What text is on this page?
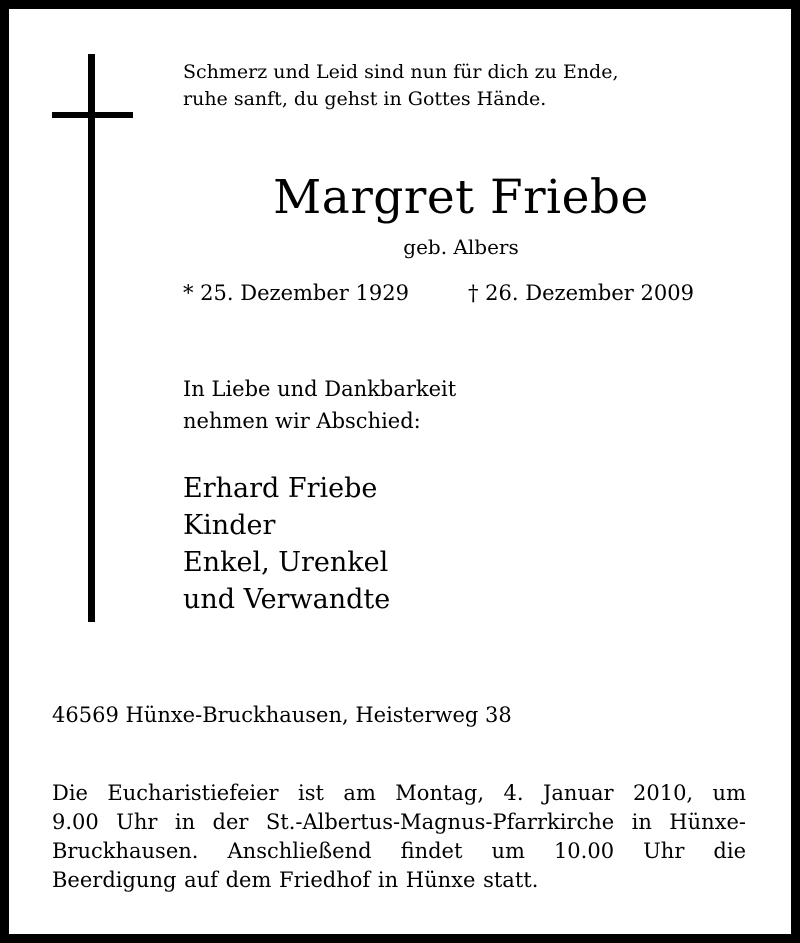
Schmerz und Leid sind nun für dich zu Ende,
ruhe sanft, du gehst in Gottes Hände.
Margret Friebe
geb. Albers
* 25. Dezember 1929	† 26. Dezember 2009
In Liebe und Dankbarkeit
nehmen wir Abschied:
Erhard Friebe
Kinder
Enkel, Urenkel
und Verwandte
46569 Hünxe-Bruckhausen, Heisterweg 38
Die Eucharistiefeier ist am Montag, 4. Januar 2010, um
9.00 Uhr in der St.-Albertus-Magnus-Pfarrkirche in Hünxe-
Bruckhausen. Anschließend findet um 10.00 Uhr die
Beerdigung auf dem Friedhof in Hünxe statt.
